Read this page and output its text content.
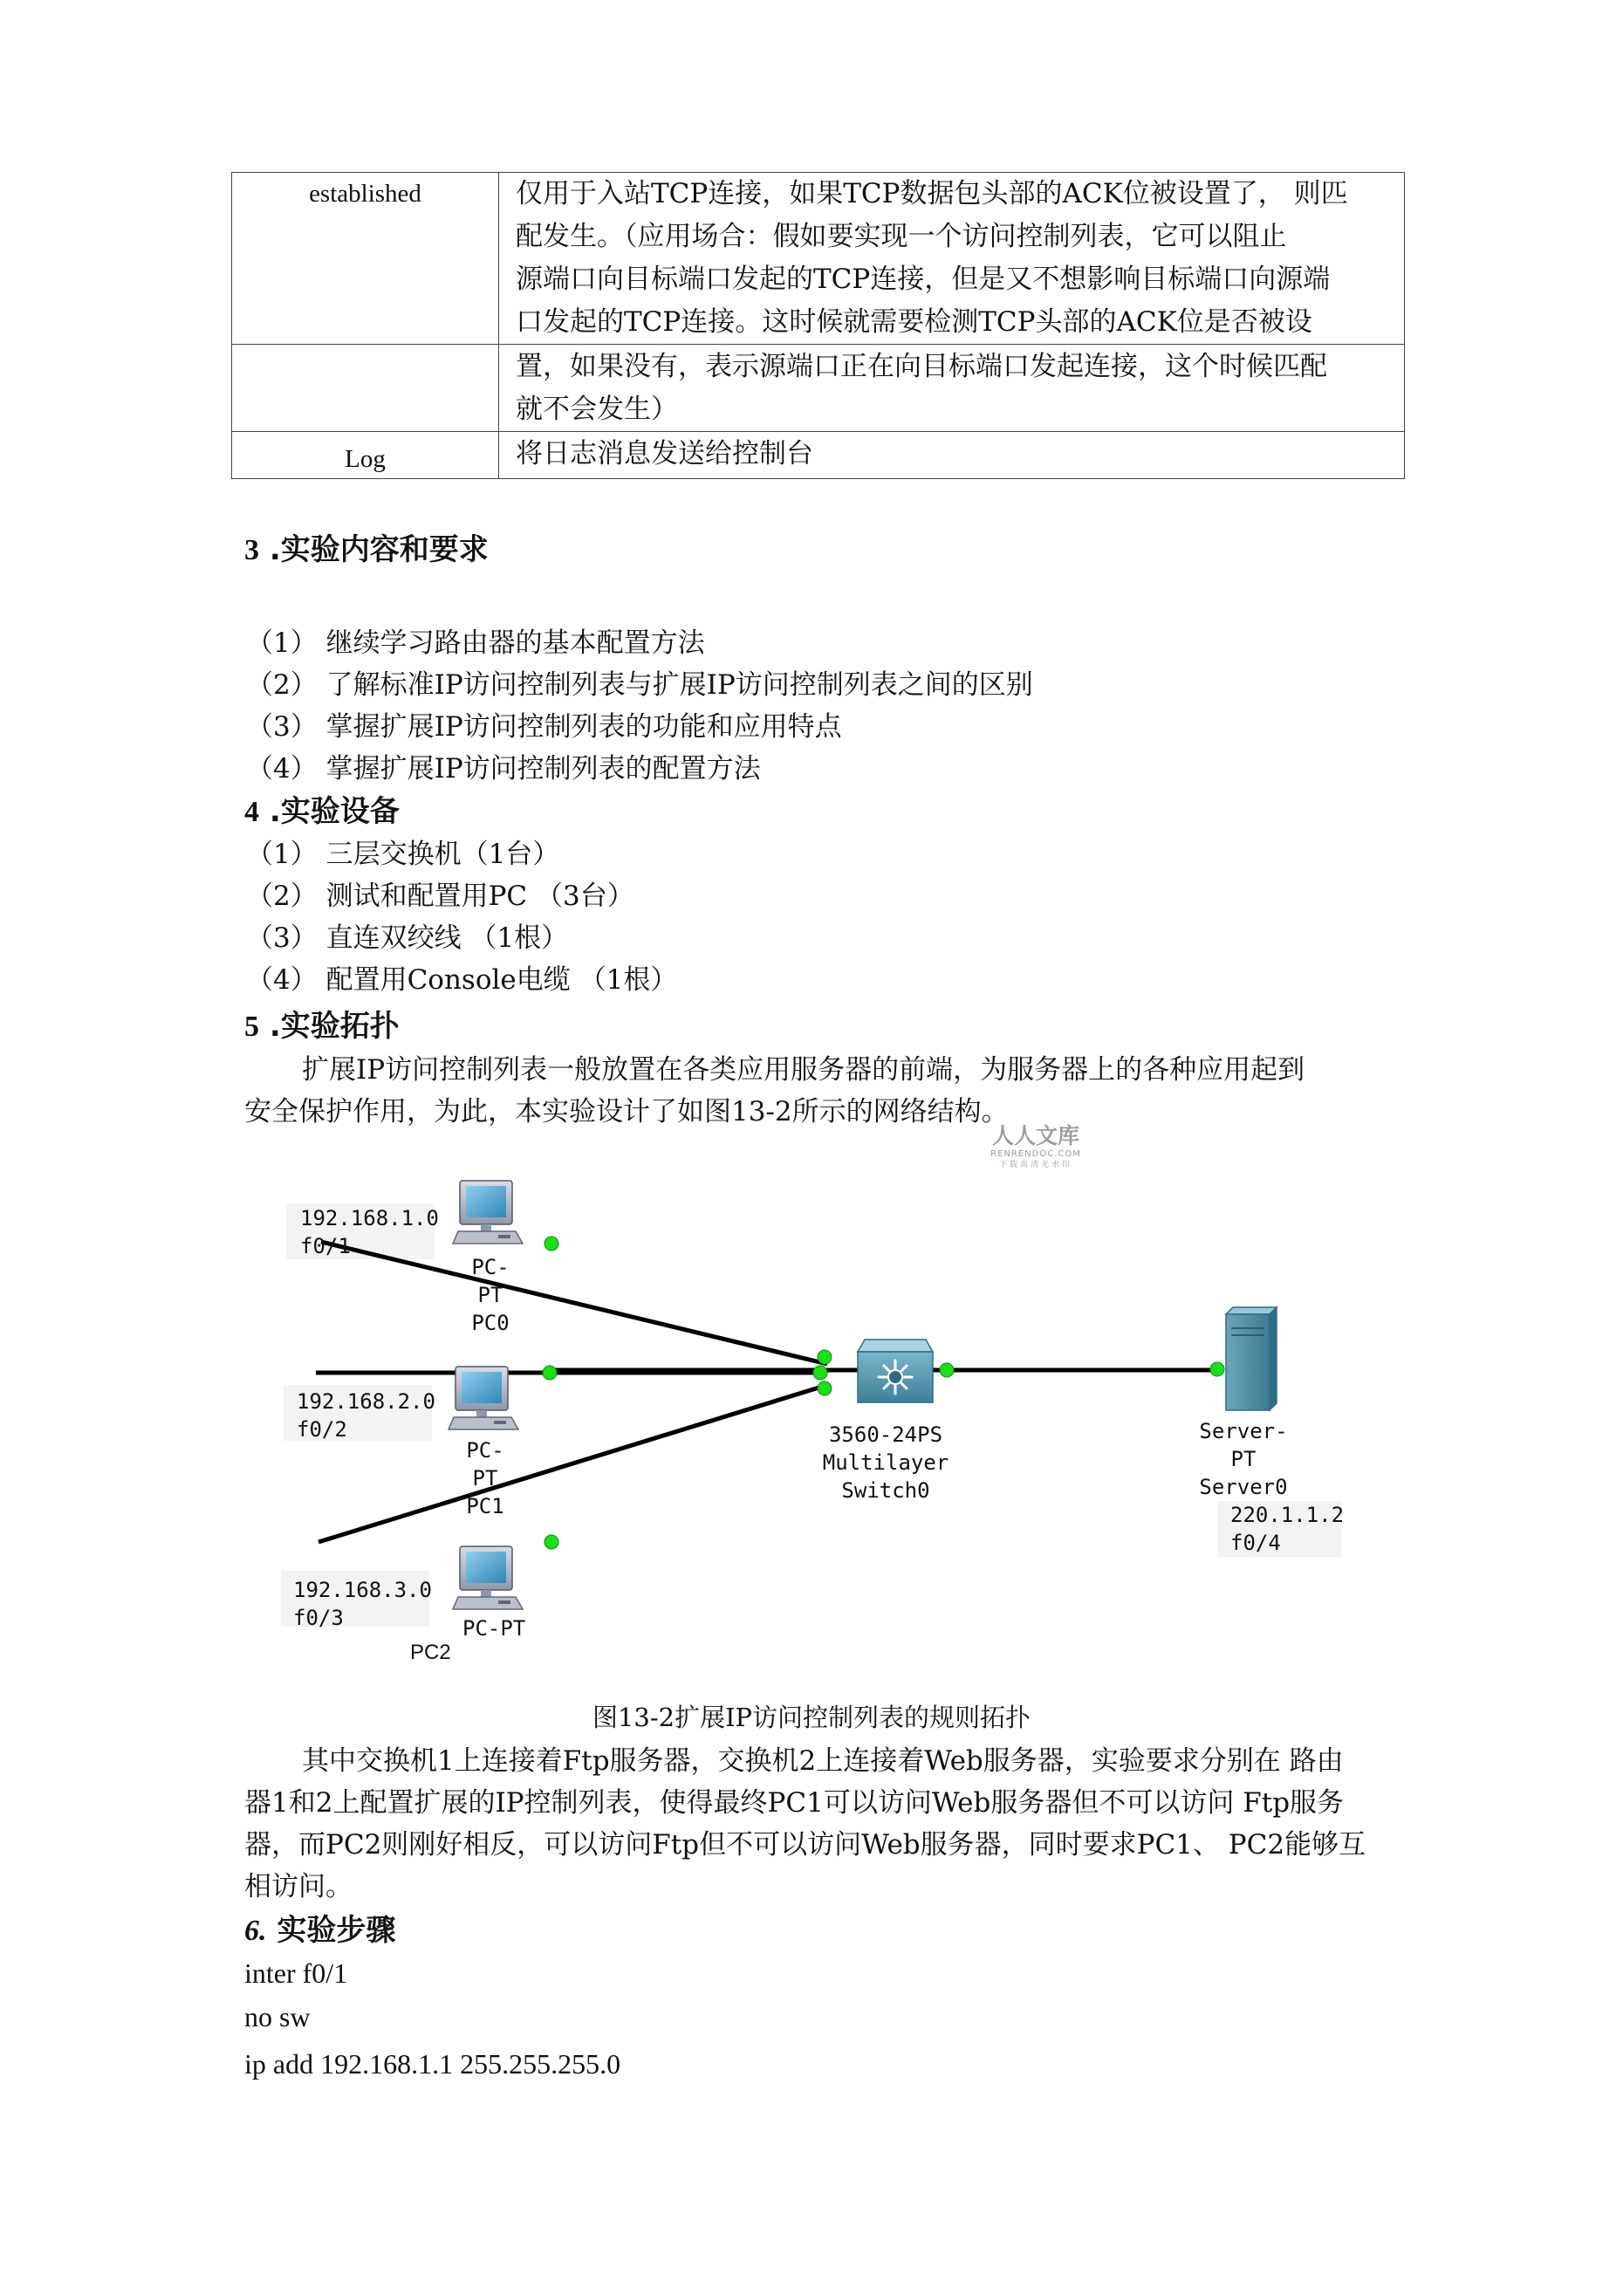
established	仅用于入站TCP连接，如果TCP数据包头部的ACK位被设置了， 则匹
配发生。（应用场合：假如要实现一个访问控制列表，它可以阻止
源端口向目标端口发起的TCP连接，但是又不想影响目标端口向源端
口发起的TCP连接。这时候就需要检测TCP头部的ACK位是否被设
置，如果没有，表示源端口正在向目标端口发起连接，这个时候匹配
就不会发生）
Log	将日志消息发送给控制台
3 .实验内容和要求
（1） 继续学习路由器的基本配置方法
（2） 了解标准IP访问控制列表与扩展IP访问控制列表之间的区别
（3） 掌握扩展IP访问控制列表的功能和应用特点
（4） 掌握扩展IP访问控制列表的配置方法
4 .实验设备
（1） 三层交换机（1台）
（2） 测试和配置用PC （3台）
（3） 直连双绞线 （1根）
（4） 配置用Console电缆 （1根）
5 .实验拓扑
扩展IP访问控制列表一般放置在各类应用服务器的前端，为服务器上的各种应用起到
安全保护作用，为此，本实验设计了如图13-2所示的网络结构。
人人文库
RENRENDOC.COM
下载高清无水印
192.168.1.0
f0/1
PC-PT
PC0
192.168.2.0
f0/2
PC-PT
PC1
192.168.3.0
f0/3	PC-PT
PC2
3560-24PS
Multilayer Switch0
Server-PT
Server0
220.1.1.2
f0/4
图13-2扩展IP访问控制列表的规则拓扑
其中交换机1上连接着Ftp服务器，交换机2上连接着Web服务器，实验要求分别在 路由
器1和2上配置扩展的IP控制列表，使得最终PC1可以访问Web服务器但不可以访问 Ftp服务
器，而PC2则刚好相反，可以访问Ftp但不可以访问Web服务器，同时要求PC1、 PC2能够互
相访问。
6. 实验步骤
inter f0/1
no sw
ip add 192.168.1.1 255.255.255.0
